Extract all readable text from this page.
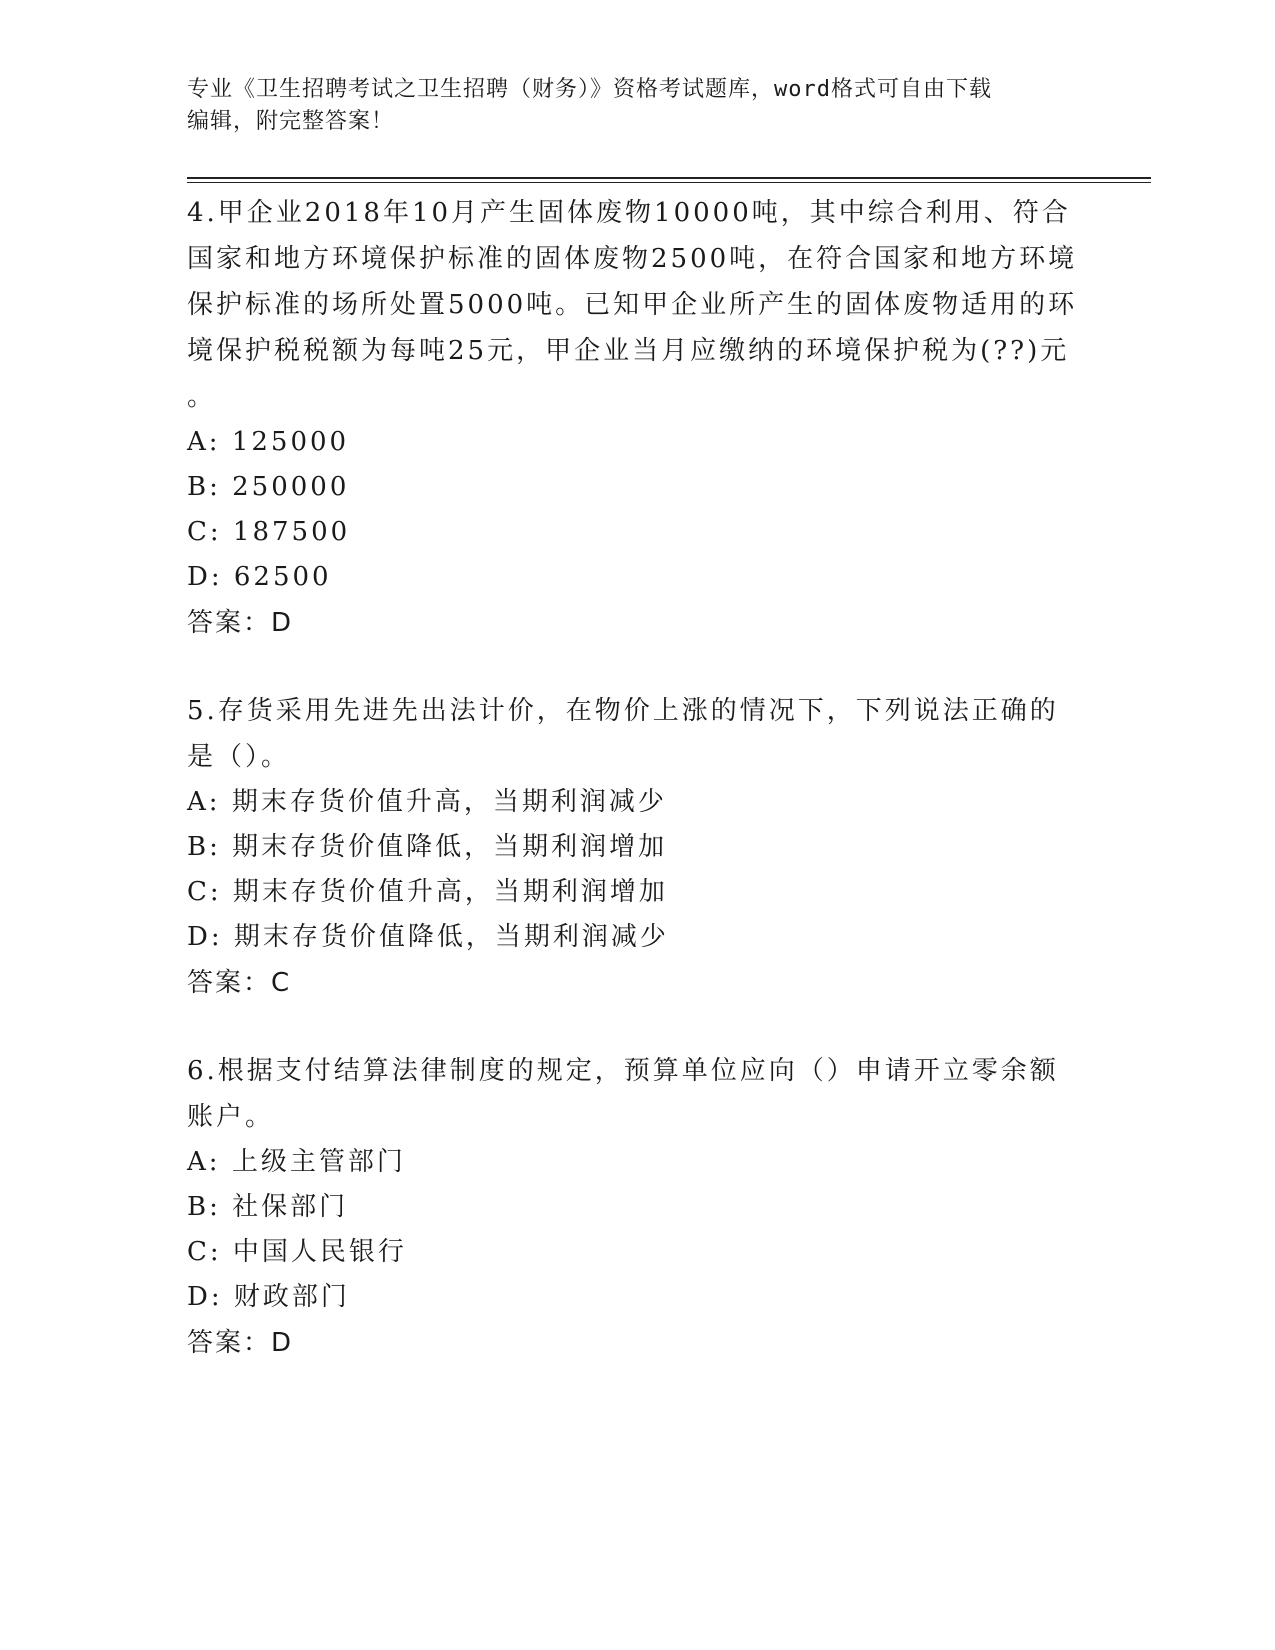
专业《卫生招聘考试之卫生招聘（财务）》资格考试题库，word格式可自由下载
编辑，附完整答案！

4.甲企业2018年10月产生固体废物10000吨，其中综合利用、符合

国家和地方环境保护标准的固体废物2500吨，在符合国家和地方环境

保护标准的场所处置5000吨。已知甲企业所产生的固体废物适用的环

境保护税税额为每吨25元，甲企业当月应缴纳的环境保护税为(??)元

。

A: 125000

B: 250000

C: 187500

D: 62500

答案：D

5.存货采用先进先出法计价，在物价上涨的情况下，下列说法正确的

是（）。

A: 期末存货价值升高，当期利润减少

B: 期末存货价值降低，当期利润增加

C: 期末存货价值升高，当期利润增加

D: 期末存货价值降低，当期利润减少

答案：C

6.根据支付结算法律制度的规定，预算单位应向（）申请开立零余额

账户。

A: 上级主管部门

B: 社保部门

C: 中国人民银行

D: 财政部门

答案：D
